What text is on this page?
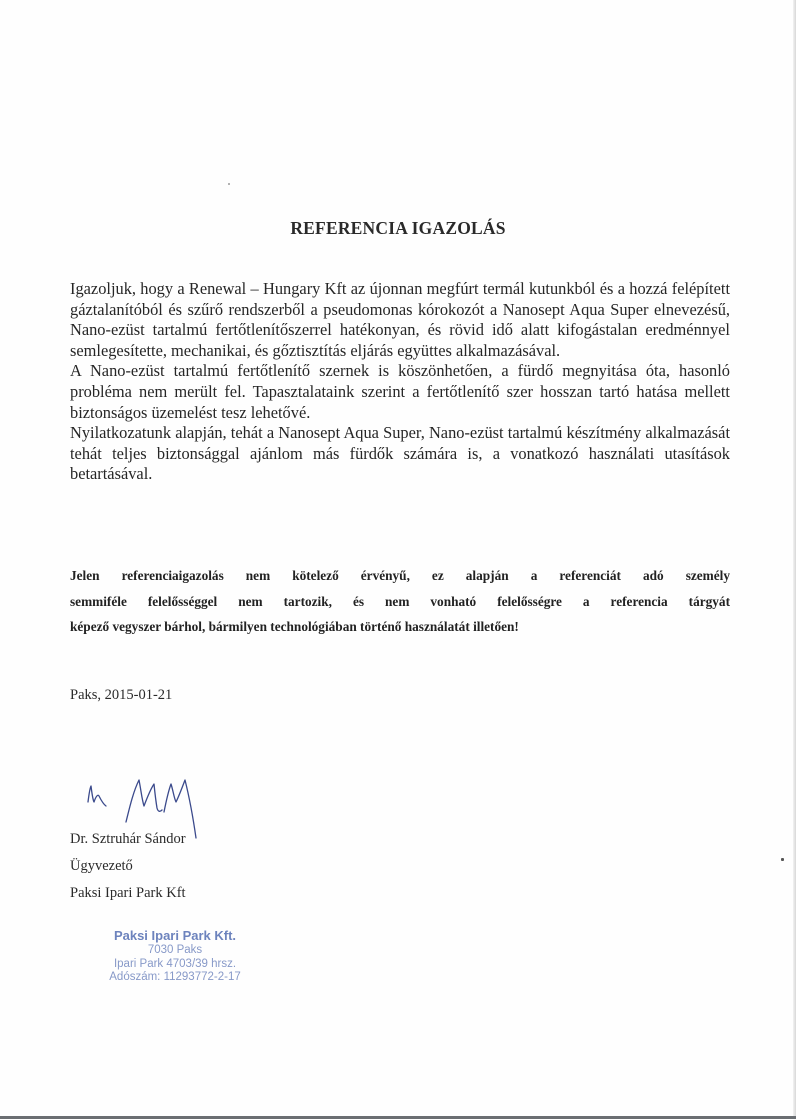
REFERENCIA IGAZOLÁS

Igazoljuk, hogy a Renewal – Hungary Kft az újonnan megfúrt termál kutunkból és a hozzá felépített gáztalanítóból és szűrő rendszerből a pseudomonas kórokozót a Nanosept Aqua Super elnevezésű, Nano-ezüst tartalmú fertőtlenítőszerrel hatékonyan, és rövid idő alatt kifogástalan eredménnyel semlegesítette, mechanikai, és gőztisztítás eljárás együttes alkalmazásával.

A Nano-ezüst tartalmú fertőtlenítő szernek is köszönhetően, a fürdő megnyitása óta, hasonló probléma nem merült fel. Tapasztalataink szerint a fertőtlenítő szer hosszan tartó hatása mellett biztonságos üzemelést tesz lehetővé.

Nyilatkozatunk alapján, tehát a Nanosept Aqua Super, Nano-ezüst tartalmú készítmény alkalmazását tehát teljes biztonsággal ajánlom más fürdők számára is, a vonatkozó használati utasítások betartásával.

Jelen referenciaigazolás nem kötelező érvényű, ez alapján a referenciát adó személy
semmiféle felelősséggel nem tartozik, és nem vonható felelősségre a referencia tárgyát
képező vegyszer bárhol, bármilyen technológiában történő használatát illetően!
Paks, 2015-01-21
Dr. Sztruhár Sándor
Ügyvezető
Paksi Ipari Park Kft
Paksi Ipari Park Kft.
7030 Paks
Ipari Park 4703/39 hrsz.
Adószám: 11293772-2-17
